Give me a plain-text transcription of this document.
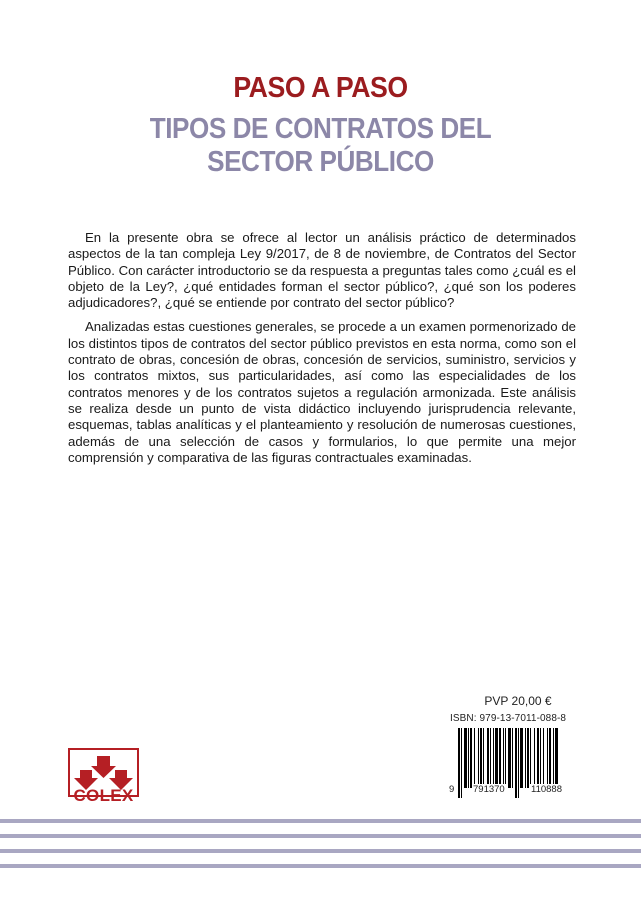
PASO A PASO
TIPOS DE CONTRATOS DEL
SECTOR PÚBLICO

En la presente obra se ofrece al lector un análisis práctico de determinados aspectos de la tan compleja Ley 9/2017, de 8 de noviembre, de Contratos del Sector Público. Con carácter introductorio se da respuesta a preguntas tales como ¿cuál es el objeto de la Ley?, ¿qué entidades forman el sector público?, ¿qué son los poderes adjudicadores?, ¿qué se entiende por contrato del sector público?

Analizadas estas cuestiones generales, se procede a un examen pormenorizado de los distintos tipos de contratos del sector público previstos en esta norma, como son el contrato de obras, concesión de obras, concesión de servicios, suministro, servicios y los contratos mixtos, sus particularidades, así como las especialidades de los contratos menores y de los contratos sujetos a regulación armonizada. Este análisis se realiza desde un punto de vista didáctico incluyendo jurisprudencia relevante, esquemas, tablas analíticas y el planteamiento y resolución de numerosas cuestiones, además de una selección de casos y formularios, lo que permite una mejor comprensión y comparativa de las figuras contractuales examinadas.

PVP 20,00 €
ISBN: 979-13-7011-088-8
9 791370	110888
COLEX
